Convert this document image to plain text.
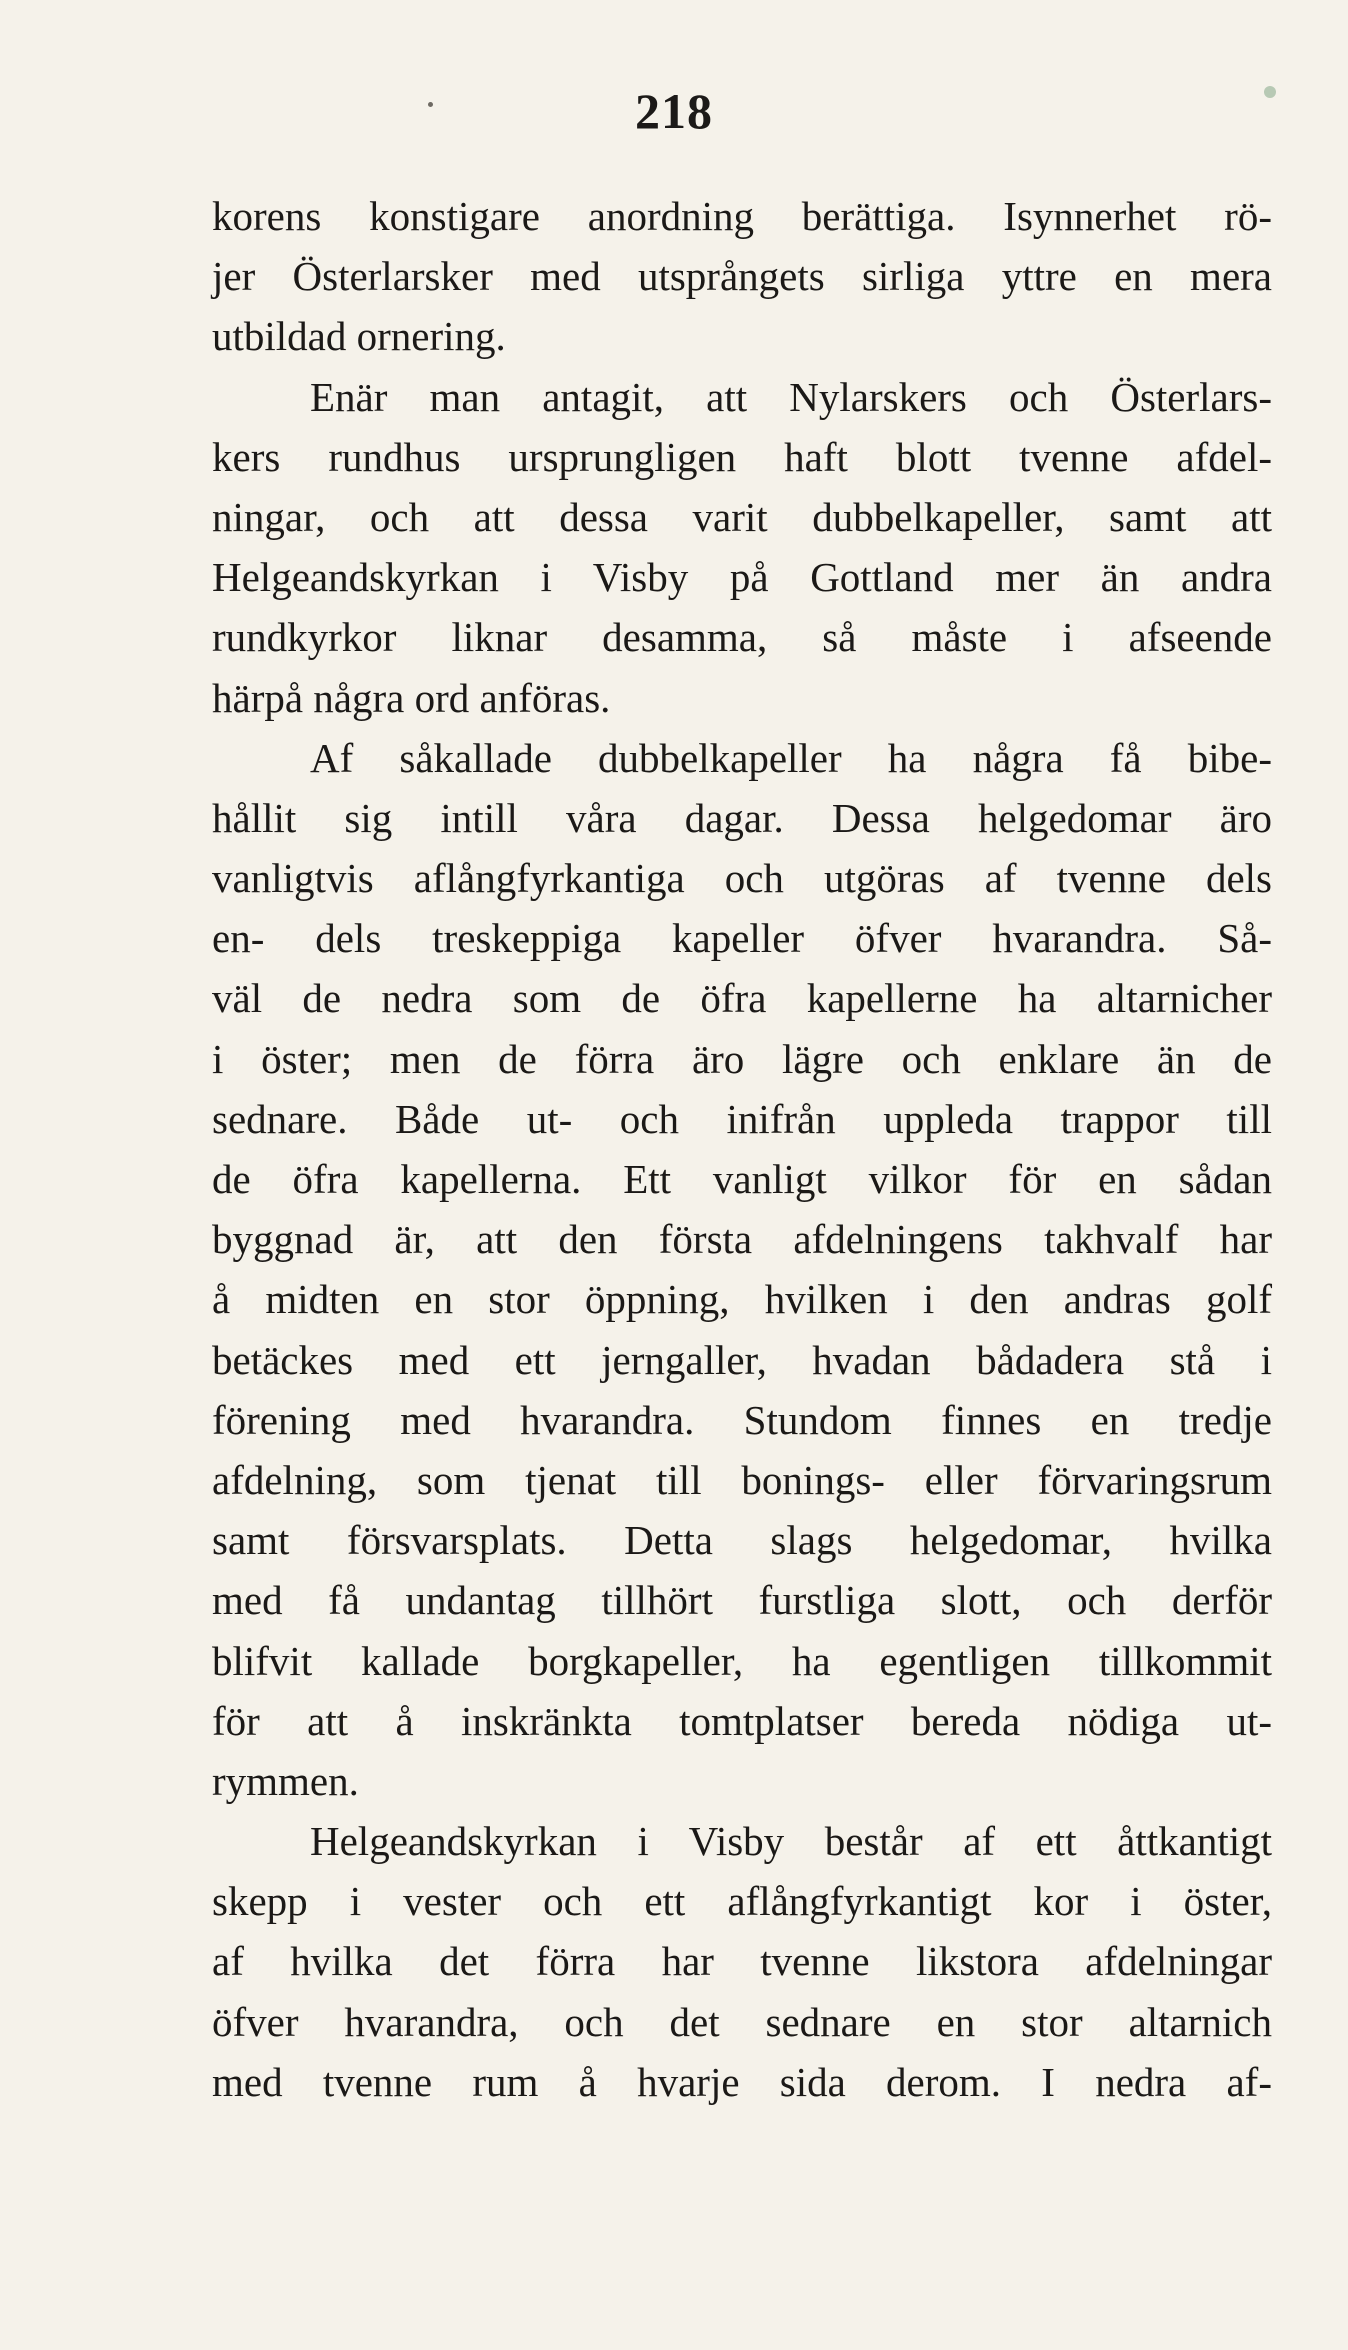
218
korens konstigare anordning berättiga. Isynnerhet rö-
jer Österlarsker med utsprångets sirliga yttre en mera
utbildad ornering.
Enär man antagit, att Nylarskers och Österlars-
kers rundhus ursprungligen haft blott tvenne afdel-
ningar, och att dessa varit dubbelkapeller, samt att
Helgeandskyrkan i Visby på Gottland mer än andra
rundkyrkor liknar desamma, så måste i afseende
härpå några ord anföras.
Af såkallade dubbelkapeller ha några få bibe-
hållit sig intill våra dagar. Dessa helgedomar äro
vanligtvis aflångfyrkantiga och utgöras af tvenne dels
en- dels treskeppiga kapeller öfver hvarandra. Så-
väl de nedra som de öfra kapellerne ha altarnicher
i öster; men de förra äro lägre och enklare än de
sednare. Både ut- och inifrån uppleda trappor till
de öfra kapellerna. Ett vanligt vilkor för en sådan
byggnad är, att den första afdelningens takhvalf har
å midten en stor öppning, hvilken i den andras golf
betäckes med ett jerngaller, hvadan bådadera stå i
förening med hvarandra. Stundom finnes en tredje
afdelning, som tjenat till bonings- eller förvaringsrum
samt försvarsplats. Detta slags helgedomar, hvilka
med få undantag tillhört furstliga slott, och derför
blifvit kallade borgkapeller, ha egentligen tillkommit
för att å inskränkta tomtplatser bereda nödiga ut-
rymmen.
Helgeandskyrkan i Visby består af ett åttkantigt
skepp i vester och ett aflångfyrkantigt kor i öster,
af hvilka det förra har tvenne likstora afdelningar
öfver hvarandra, och det sednare en stor altarnich
med tvenne rum å hvarje sida derom. I nedra af-
